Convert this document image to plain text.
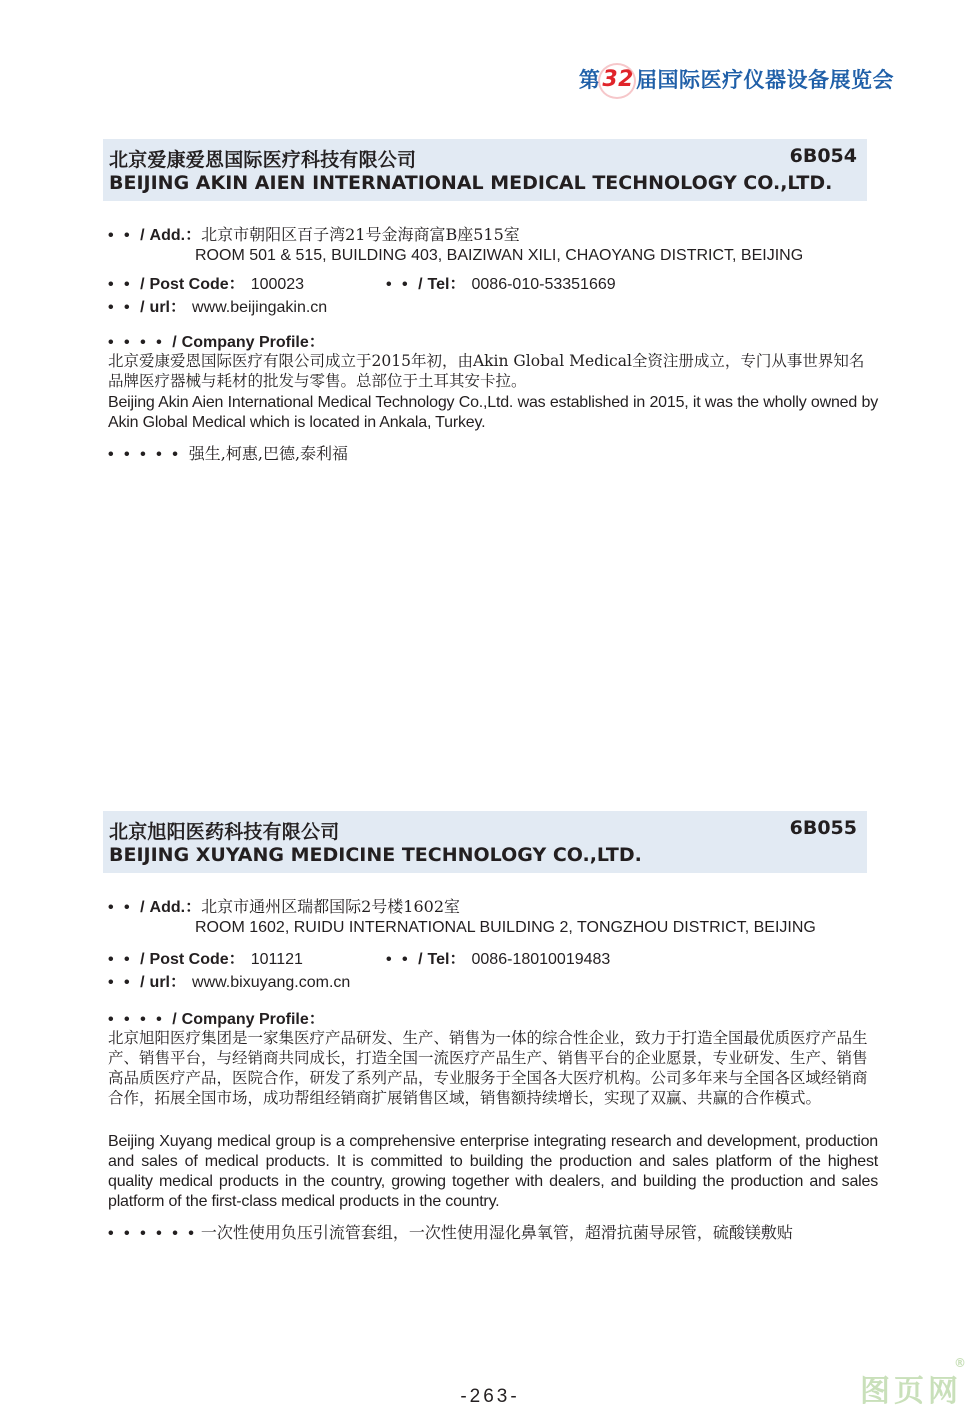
第 32 届国际医疗仪器设备展览会
北京爱康爱恩国际医疗科技有限公司
BEIJING AKIN AIEN INTERNATIONAL MEDICAL TECHNOLOGY CO.,LTD.
6B054
• • / Add.：北京市朝阳区百子湾21号金海商富B座515室
ROOM 501 & 515, BUILDING 403, BAIZIWAN XILI, CHAOYANG DISTRICT, BEIJING
• • / Post Code： 100023	• • / Tel： 0086-010-53351669
• • / url： www.beijingakin.cn
• • • • / Company Profile：
北京爱康爱恩国际医疗有限公司成立于2015年初，由Akin Global Medical全资注册成立，专门从事世界知名品牌医疗器械与耗材的批发与零售。总部位于土耳其安卡拉。
Beijing Akin Aien International Medical Technology Co.,Ltd. was established in 2015, it was the wholly owned by Akin Global Medical which is located in Ankala, Turkey.
• • • • • 强生,柯惠,巴德,泰利福
北京旭阳医药科技有限公司
BEIJING XUYANG MEDICINE TECHNOLOGY CO.,LTD.
6B055
• • / Add.：北京市通州区瑞都国际2号楼1602室
ROOM 1602, RUIDU INTERNATIONAL BUILDING 2, TONGZHOU DISTRICT, BEIJING
• • / Post Code： 101121	• • / Tel： 0086-18010019483
• • / url： www.bixuyang.com.cn
• • • • / Company Profile：
北京旭阳医疗集团是一家集医疗产品研发、生产、销售为一体的综合性企业，致力于打造全国最优质医疗产品生产、销售平台，与经销商共同成长，打造全国一流医疗产品生产、销售平台的企业愿景，专业研发、生产、销售高品质医疗产品，医院合作，研发了系列产品，专业服务于全国各大医疗机构。公司多年来与全国各区域经销商合作，拓展全国市场，成功帮组经销商扩展销售区域，销售额持续增长，实现了双赢、共赢的合作模式。
Beijing Xuyang medical group is a comprehensive enterprise integrating research and development, production and sales of medical products. It is committed to building the production and sales platform of the highest quality medical products in the country, growing together with dealers, and building the production and sales platform of the first-class medical products in the country.
• • • • • • 一次性使用负压引流管套组，一次性使用湿化鼻氧管，超滑抗菌导尿管，硫酸镁敷贴
-263-	图页网
®
